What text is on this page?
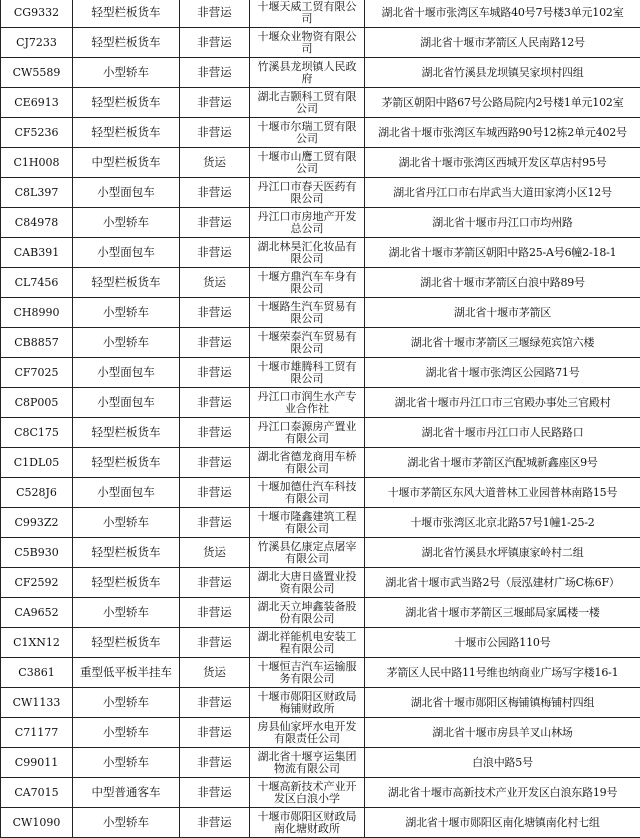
CG9332	轻型栏板货车	非营运	十堰天威工贸有限公司	湖北省十堰市张湾区车城路40号7号楼3单元102室
CJ7233	轻型栏板货车	非营运	十堰众业物资有限公司	湖北省十堰市茅箭区人民南路12号
CW5589	小型轿车	非营运	竹溪县龙坝镇人民政府	湖北省竹溪县龙坝镇吴家坝村四组
CE6913	轻型栏板货车	非营运	湖北吉颢科工贸有限公司	茅箭区朝阳中路67号公路局院内2号楼1单元102室
CF5236	轻型栏板货车	非营运	十堰市尔瑞工贸有限公司	湖北省十堰市张湾区车城西路90号12栋2单元402号
C1H008	中型栏板货车	货运	十堰市山鹰工贸有限公司	湖北省十堰市张湾区西城开发区草店村95号
C8L397	小型面包车	非营运	丹江口市春天医药有限公司	湖北省丹江口市右岸武当大道田家湾小区12号
C84978	小型轿车	非营运	丹江口市房地产开发总公司	湖北省十堰市丹江口市均州路
CAB391	小型面包车	非营运	湖北林昊汇化妆品有限公司	湖北省十堰市茅箭区朝阳中路25-A号6幢2-18-1
CL7456	轻型栏板货车	货运	十堰方鼎汽车车身有限公司	湖北省十堰市茅箭区白浪中路89号
CH8990	小型轿车	非营运	十堰路生汽车贸易有限公司	湖北省十堰市茅箭区
CB8857	小型轿车	非营运	十堰荣泰汽车贸易有限公司	湖北省十堰市茅箭区三堰绿苑宾馆六楼
CF7025	小型面包车	非营运	十堰市雄腾科工贸有限公司	湖北省十堰市张湾区公园路71号
C8P005	小型面包车	非营运	丹江口市润生水产专业合作社	湖北省十堰市丹江口市三官殿办事处三官殿村
C8C175	轻型栏板货车	非营运	丹江口泰源房产置业有限公司	湖北省十堰市丹江口市人民路路口
C1DL05	轻型栏板货车	非营运	湖北省德龙商用车桥有限公司	湖北省十堰市茅箭区汽配城新鑫座区9号
C528J6	小型面包车	非营运	十堰加德仕汽车科技有限公司	十堰市茅箭区东风大道普林工业园普林南路15号
C993Z2	小型轿车	非营运	十堰市隆鑫建筑工程有限公司	十堰市张湾区北京北路57号1幢1-25-2
C5B930	轻型栏板货车	货运	竹溪县亿康定点屠宰有限公司	湖北省竹溪县水坪镇康家岭村二组
CF2592	轻型栏板货车	非营运	湖北大唐日盛置业投资有限公司	湖北省十堰市武当路2号（辰泓建材广场C栋6F）
CA9652	小型轿车	非营运	湖北天立坤鑫装备股份有限公司	湖北省十堰市茅箭区三堰邮局家属楼一楼
C1XN12	轻型栏板货车	非营运	湖北祥能机电安装工程有限公司	十堰市公园路110号
C3861	重型低平板半挂车	货运	十堰恒吉汽车运输服务有限公司	茅箭区人民中路11号维也纳商业广场写字楼16-1
CW1133	小型轿车	非营运	十堰市郧阳区财政局梅铺财政所	湖北省十堰市郧阳区梅铺镇梅铺村四组
C71177	小型轿车	非营运	房县仙家坪水电开发有限责任公司	湖北省十堰市房县羊叉山林场
C99011	小型轿车	非营运	湖北省十堰亨运集团物流有限公司	白浪中路5号
CA7015	中型普通客车	非营运	十堰高新技术产业开发区白浪小学	湖北省十堰市高新技术产业开发区白浪东路19号
CW1090	小型轿车	非营运	十堰市郧阳区财政局南化塘财政所	湖北省十堰市郧阳区南化塘镇南化村七组
